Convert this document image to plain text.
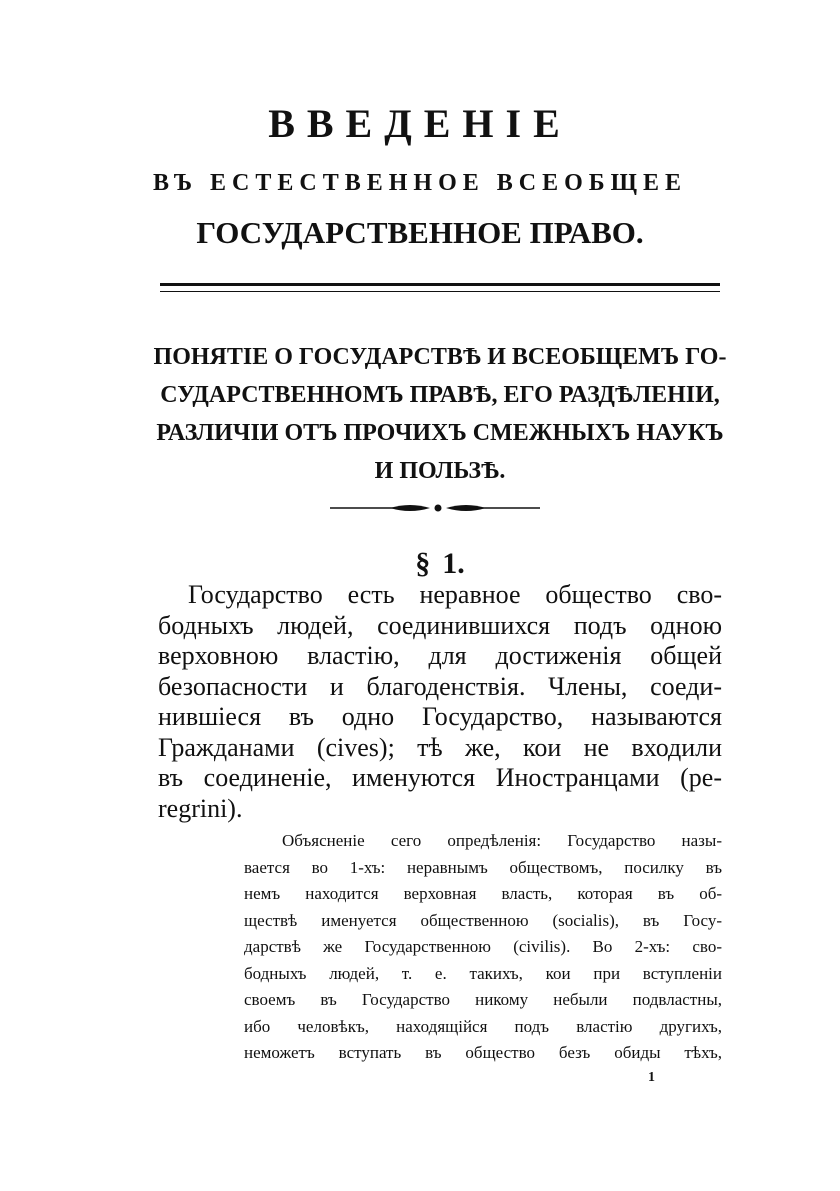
ВВЕДЕНІЕ
ВЪ ЕСТЕСТВЕННОЕ ВСЕОБЩЕЕ
ГОСУДАРСТВЕННОЕ ПРАВО.
ПОНЯТІЕ О ГОСУДАРСТВѢ И ВСЕОБЩЕМЪ ГО-
СУДАРСТВЕННОМЪ ПРАВѢ, ЕГО РАЗДѢЛЕНІИ,
РАЗЛИЧІИ ОТЪ ПРОЧИХЪ СМЕЖНЫХЪ НАУКЪ
И ПОЛЬЗѢ.
§ 1.
Государство есть неравное общество сво-
бодныхъ людей, соединившихся подъ одною
верховною властію, для достиженія общей
безопасности и благоденствія. Члены, соеди-
нившіеся въ одно Государство, называются
Гражданами (cives); тѣ же, кои не входили
въ соединеніе, именуются Иностранцами (pe-
regrini).
Объясненіе сего опредѣленія: Государство назы-
вается во 1-хъ: неравнымъ обществомъ, посилку въ
немъ находится верховная власть, которая въ об-
ществѣ именуется общественною (socialis), въ Госу-
дарствѣ же Государственною (civilis). Во 2-хъ: сво-
бодныхъ людей, т. е. такихъ, кои при вступленіи
своемъ въ Государство никому небыли подвластны,
ибо человѣкъ, находящійся подъ властію другихъ,
неможетъ вступать въ общество безъ обиды тѣхъ,
1
